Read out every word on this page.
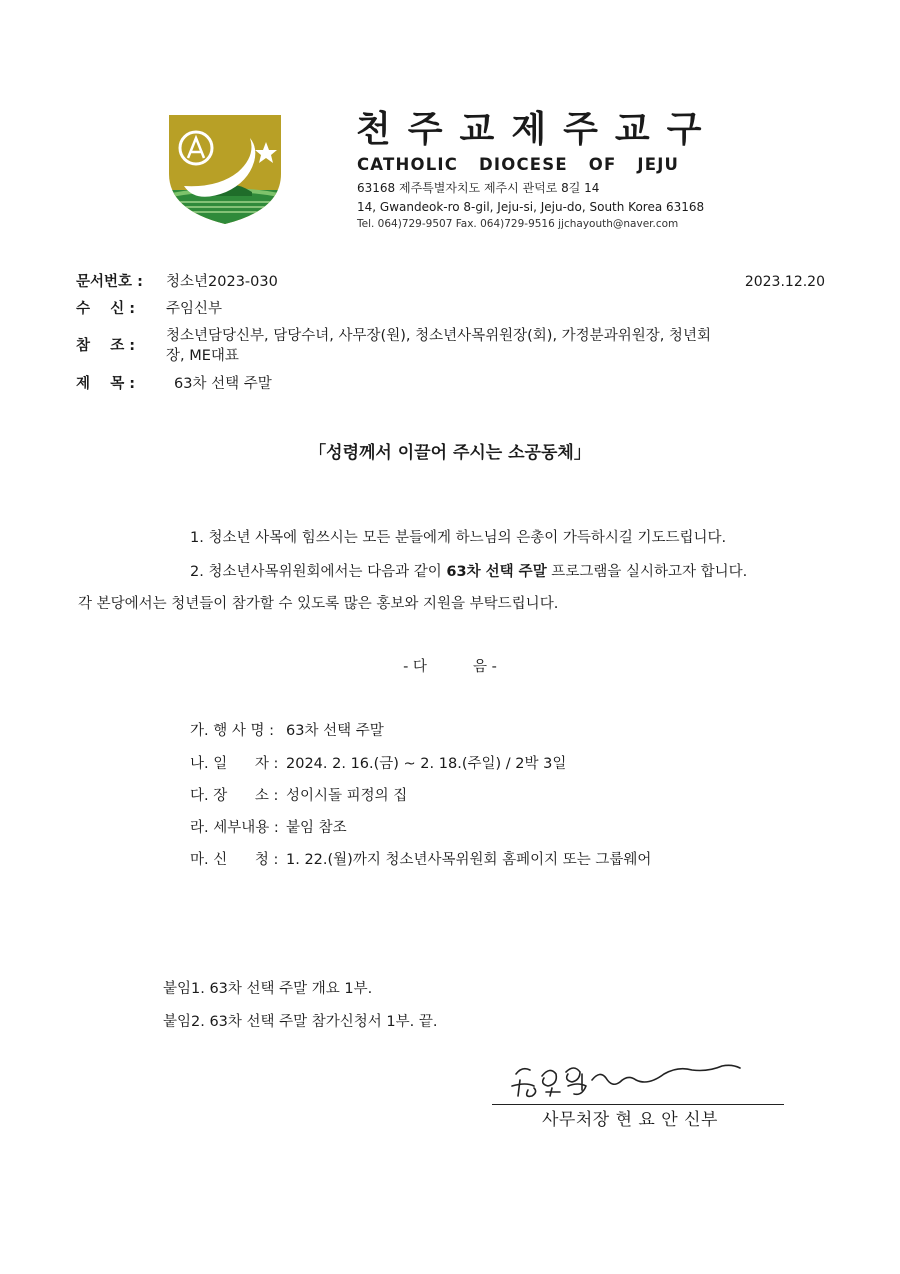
천주교제주교구
CATHOLIC DIOCESE OF JEJU
63168 제주특별자치도 제주시 관덕로 8길 14
14, Gwandeok-ro 8-gil, Jeju-si, Jeju-do, South Korea 63168
Tel. 064)729-9507 Fax. 064)729-9516 jjchayouth@naver.com
문서번호 : 청소년2023-030	2023.12.20
수    신 : 주임신부
참    조 :
청소년담당신부, 담당수녀, 사무장(원), 청소년사목위원장(회), 가정분과위원장, 청년회장, ME대표
제    목 :	63차 선택 주말
「성령께서 이끌어 주시는 소공동체」
1. 청소년 사목에 힘쓰시는 모든 분들에게 하느님의 은총이 가득하시길 기도드립니다.
2. 청소년사목위원회에서는 다음과 같이 63차 선택 주말 프로그램을 실시하고자 합니다.
각 본당에서는 청년들이 참가할 수 있도록 많은 홍보와 지원을 부탁드립니다.
- 다          음 -
가. 행 사 명 : 63차 선택 주말
나. 일      자 : 2024. 2. 16.(금) ~ 2. 18.(주일) / 2박 3일
다. 장      소 : 성이시돌 피정의 집
라. 세부내용 : 붙임 참조
마. 신      청 : 1. 22.(월)까지 청소년사목위원회 홈페이지 또는 그룹웨어
붙임1. 63차 선택 주말 개요 1부.
붙임2. 63차 선택 주말 참가신청서 1부. 끝.
사무처장 현 요 안 신부
